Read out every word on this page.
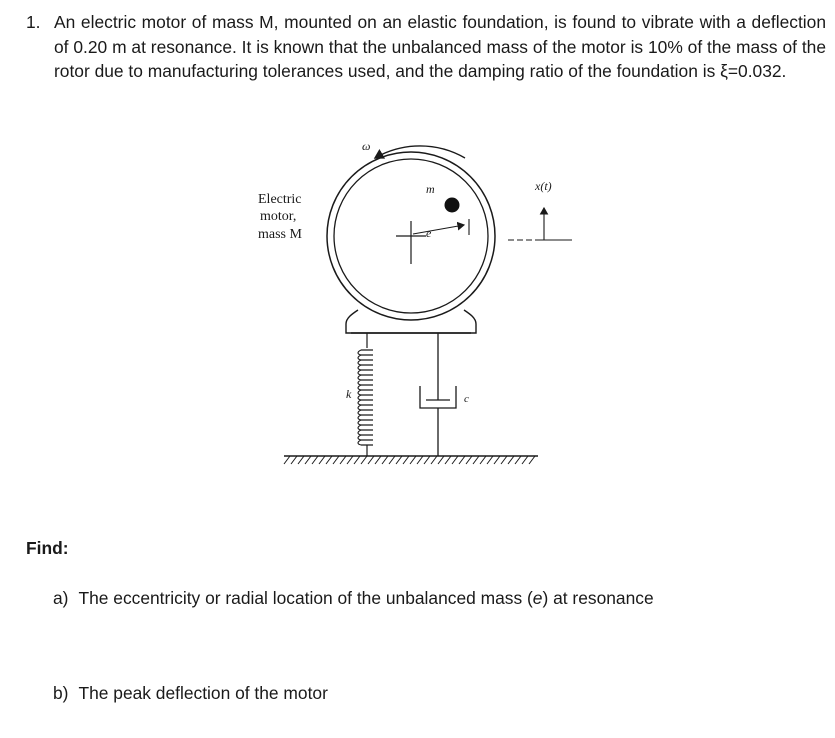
1. An electric motor of mass M, mounted on an elastic foundation, is found to vibrate with a deflection of 0.20 m at resonance. It is known that the unbalanced mass of the motor is 10% of the mass of the rotor due to manufacturing tolerances used, and the damping ratio of the foundation is ξ=0.032.
ω
m
e
Electric
motor,
mass M
x(t)
k	c
Find:
a) The eccentricity or radial location of the unbalanced mass (e) at resonance
b) The peak deflection of the motor
